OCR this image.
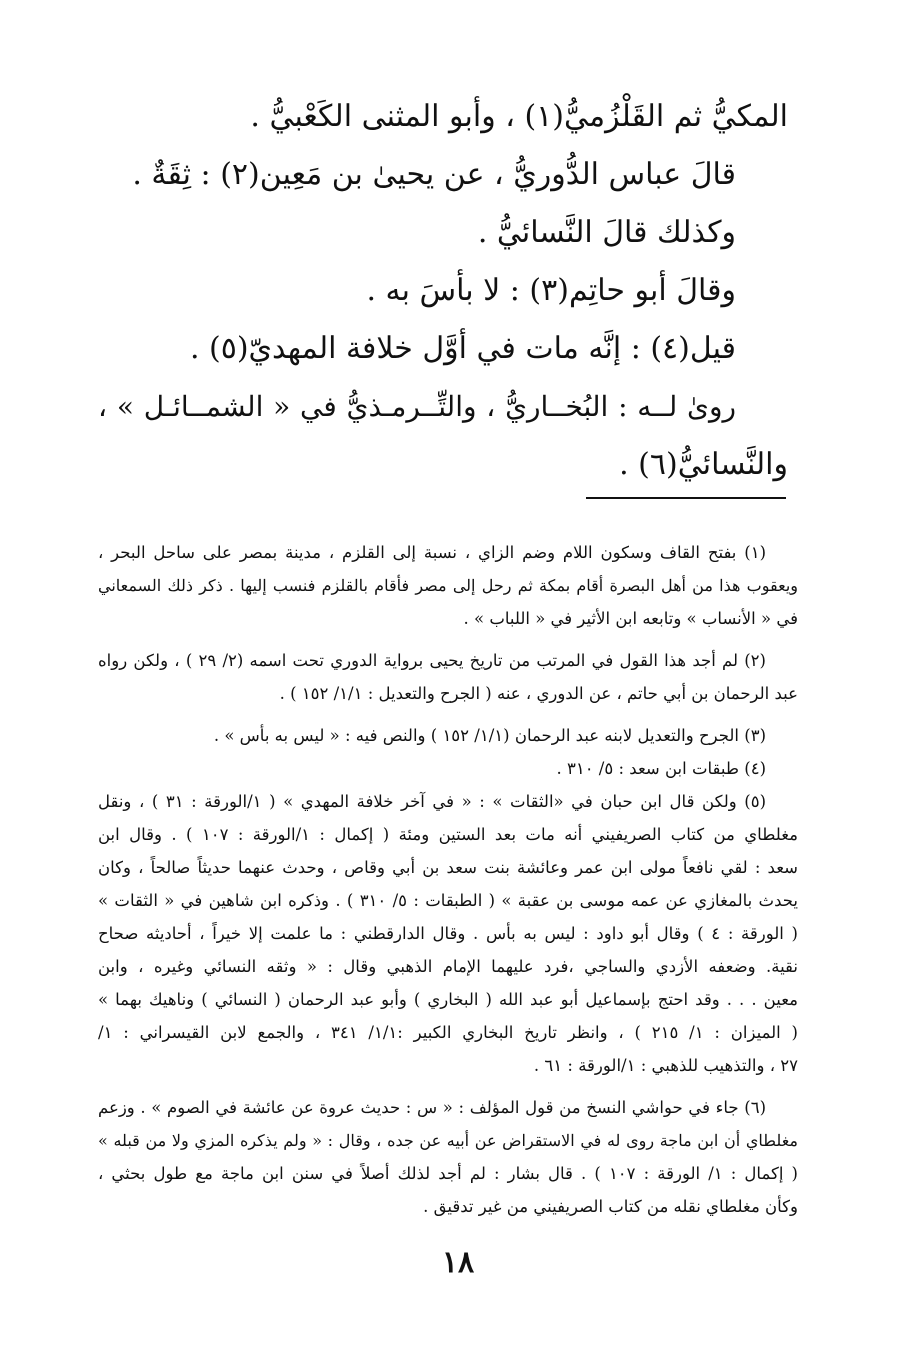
المكيُّ ثم القَلْزُميُّ(١) ، وأبو المثنى الكَعْبيُّ .
قالَ عباس الدُّوريُّ ، عن يحيىٰ بن مَعِين(٢) : ثِقَةٌ .
وكذلك قالَ النَّسائيُّ .
وقالَ أبو حاتِم(٣) : لا بأسَ به .
قيل(٤) : إنَّه مات في أوَّل خلافة المهديّ(٥) .
روىٰ لــه : البُخــاريُّ ، والتِّــرمـذيُّ في « الشمــائـل » ،
والنَّسائيُّ(٦) .
(١) بفتح القاف وسكون اللام وضم الزاي ، نسبة إلى القلزم ، مدينة بمصر على ساحل البحر ،
ويعقوب هذا من أهل البصرة أقام بمكة ثم رحل إلى مصر فأقام بالقلزم فنسب إليها . ذكر ذلك السمعاني
في « الأنساب » وتابعه ابن الأثير في « اللباب » .
(٢) لم أجد هذا القول في المرتب من تاريخ يحيى برواية الدوري تحت اسمه (٢/ ٢٩ ) ، ولكن رواه
عبد الرحمان بن أبي حاتم ، عن الدوري ، عنه ( الجرح والتعديل : ١/١/ ١٥٢ ) .
(٣) الجرح والتعديل لابنه عبد الرحمان (١/١/ ١٥٢ ) والنص فيه : « ليس به بأس » .
(٤) طبقات ابن سعد : ٥/ ٣١٠ .
(٥) ولكن قال ابن حبان في «الثقات » : « في آخر خلافة المهدي » ( ١/الورقة : ٣١ ) ، ونقل
مغلطاي من كتاب الصريفيني أنه مات بعد الستين ومئة ( إكمال : ١/الورقة : ١٠٧ ) . وقال ابن
سعد : لقي نافعاً مولى ابن عمر وعائشة بنت سعد بن أبي وقاص ، وحدث عنهما حديثاً صالحاً ، وكان
يحدث بالمغازي عن عمه موسى بن عقبة » ( الطبقات : ٥/ ٣١٠ ) . وذكره ابن شاهين في « الثقات »
( الورقة : ٤ ) وقال أبو داود : ليس به بأس . وقال الدارقطني : ما علمت إلا خيراً ، أحاديثه صحاح
نقية. وضعفه الأزدي والساجي ،فرد عليهما الإمام الذهبي وقال : « وثقه النسائي وغيره ، وابن
معين . . . وقد احتج بإسماعيل أبو عبد الله ( البخاري ) وأبو عبد الرحمان ( النسائي ) وناهيك بهما »
( الميزان : ١/ ٢١٥ ) ، وانظر تاريخ البخاري الكبير :١/١/ ٣٤١ ، والجمع لابن القيسراني : ١/
٢٧ ، والتذهيب للذهبي : ١/الورقة : ٦١ .
(٦) جاء في حواشي النسخ من قول المؤلف : « س : حديث عروة عن عائشة في الصوم » . وزعم
مغلطاي أن ابن ماجة روى له في الاستقراض عن أبيه عن جده ، وقال : « ولم يذكره المزي ولا من قبله »
( إكمال : ١/ الورقة : ١٠٧ ) . قال بشار : لم أجد لذلك أصلاً في سنن ابن ماجة مع طول بحثي ،
وكأن مغلطاي نقله من كتاب الصريفيني من غير تدقيق .
١٨
